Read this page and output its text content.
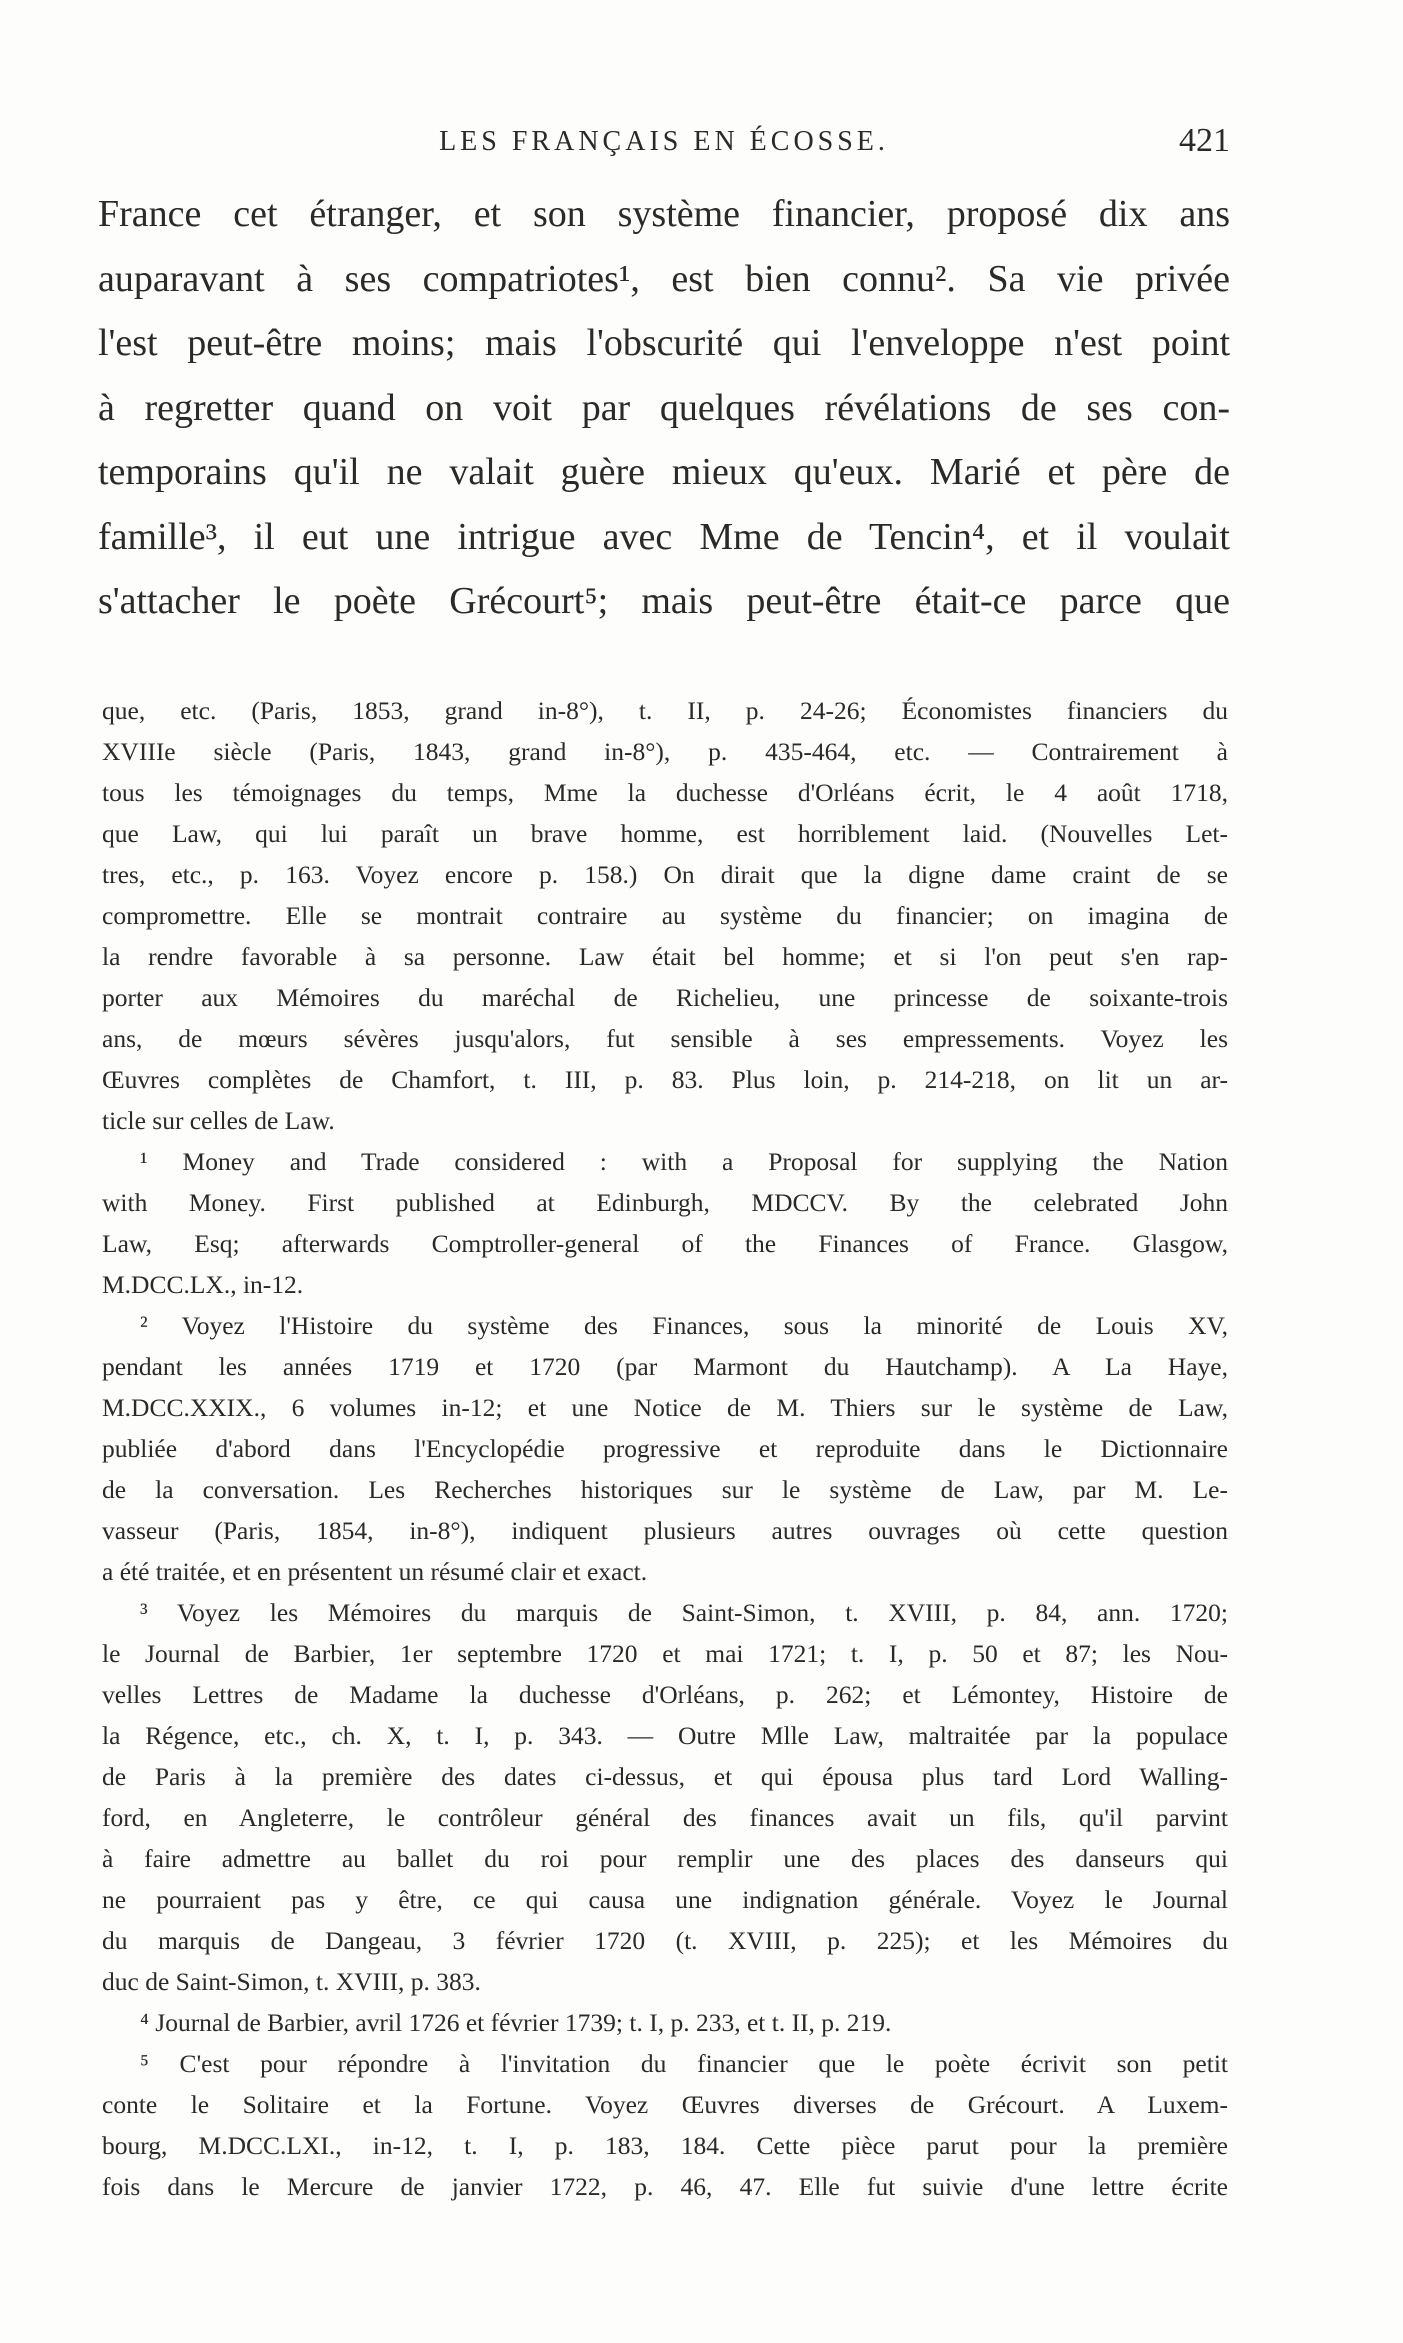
LES FRANÇAIS EN ÉCOSSE.	421
France cet étranger, et son système financier, proposé dix ans
auparavant à ses compatriotes¹, est bien connu². Sa vie privée
l'est peut-être moins; mais l'obscurité qui l'enveloppe n'est point
à regretter quand on voit par quelques révélations de ses con-
temporains qu'il ne valait guère mieux qu'eux. Marié et père de
famille³, il eut une intrigue avec Mme de Tencin⁴, et il voulait
s'attacher le poète Grécourt⁵; mais peut-être était-ce parce que
que, etc. (Paris, 1853, grand in-8°), t. II, p. 24-26; Économistes financiers du
XVIIIe siècle (Paris, 1843, grand in-8°), p. 435-464, etc. — Contrairement à
tous les témoignages du temps, Mme la duchesse d'Orléans écrit, le 4 août 1718,
que Law, qui lui paraît un brave homme, est horriblement laid. (Nouvelles Let-
tres, etc., p. 163. Voyez encore p. 158.) On dirait que la digne dame craint de se
compromettre. Elle se montrait contraire au système du financier; on imagina de
la rendre favorable à sa personne. Law était bel homme; et si l'on peut s'en rap-
porter aux Mémoires du maréchal de Richelieu, une princesse de soixante-trois
ans, de mœurs sévères jusqu'alors, fut sensible à ses empressements. Voyez les
Œuvres complètes de Chamfort, t. III, p. 83. Plus loin, p. 214-218, on lit un ar-
ticle sur celles de Law.
¹ Money and Trade considered : with a Proposal for supplying the Nation
with Money. First published at Edinburgh, MDCCV. By the celebrated John
Law, Esq; afterwards Comptroller-general of the Finances of France. Glasgow,
M.DCC.LX., in-12.
² Voyez l'Histoire du système des Finances, sous la minorité de Louis XV,
pendant les années 1719 et 1720 (par Marmont du Hautchamp). A La Haye,
M.DCC.XXIX., 6 volumes in-12; et une Notice de M. Thiers sur le système de Law,
publiée d'abord dans l'Encyclopédie progressive et reproduite dans le Dictionnaire
de la conversation. Les Recherches historiques sur le système de Law, par M. Le-
vasseur (Paris, 1854, in-8°), indiquent plusieurs autres ouvrages où cette question
a été traitée, et en présentent un résumé clair et exact.
³ Voyez les Mémoires du marquis de Saint-Simon, t. XVIII, p. 84, ann. 1720;
le Journal de Barbier, 1er septembre 1720 et mai 1721; t. I, p. 50 et 87; les Nou-
velles Lettres de Madame la duchesse d'Orléans, p. 262; et Lémontey, Histoire de
la Régence, etc., ch. X, t. I, p. 343. — Outre Mlle Law, maltraitée par la populace
de Paris à la première des dates ci-dessus, et qui épousa plus tard Lord Walling-
ford, en Angleterre, le contrôleur général des finances avait un fils, qu'il parvint
à faire admettre au ballet du roi pour remplir une des places des danseurs qui
ne pourraient pas y être, ce qui causa une indignation générale. Voyez le Journal
du marquis de Dangeau, 3 février 1720 (t. XVIII, p. 225); et les Mémoires du
duc de Saint-Simon, t. XVIII, p. 383.
⁴ Journal de Barbier, avril 1726 et février 1739; t. I, p. 233, et t. II, p. 219.
⁵ C'est pour répondre à l'invitation du financier que le poète écrivit son petit
conte le Solitaire et la Fortune. Voyez Œuvres diverses de Grécourt. A Luxem-
bourg, M.DCC.LXI., in-12, t. I, p. 183, 184. Cette pièce parut pour la première
fois dans le Mercure de janvier 1722, p. 46, 47. Elle fut suivie d'une lettre écrite
